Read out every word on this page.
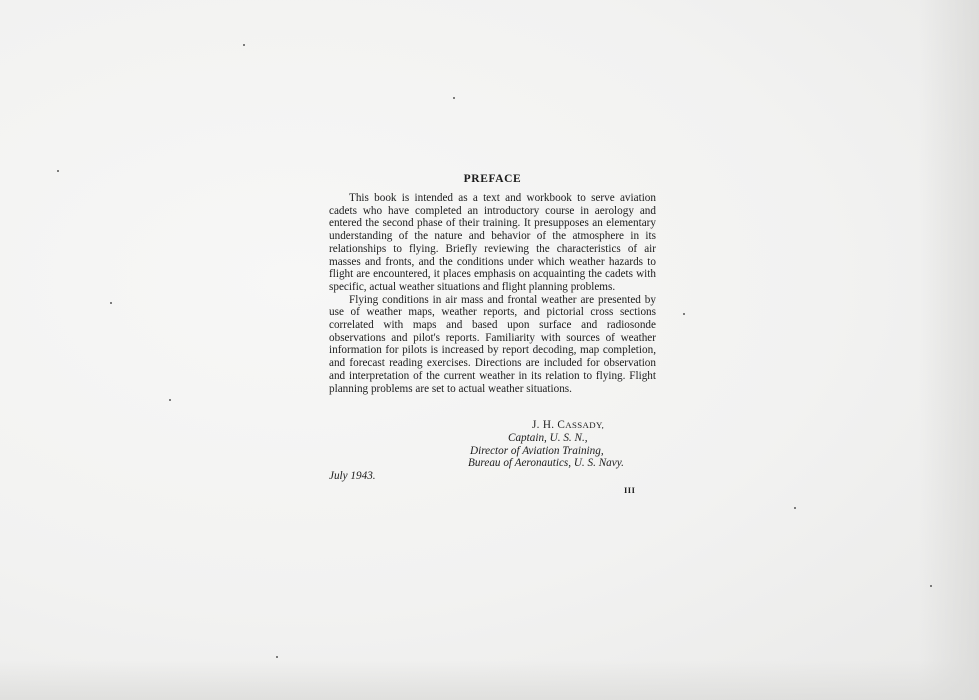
PREFACE

This book is intended as a text and workbook to serve aviation cadets who have completed an introductory course in aerology and entered the second phase of their training. It presupposes an elementary understanding of the nature and behavior of the atmosphere in its relationships to flying. Briefly reviewing the characteristics of air masses and fronts, and the conditions under which weather hazards to flight are encountered, it places emphasis on acquainting the cadets with specific, actual weather situations and flight planning problems.

Flying conditions in air mass and frontal weather are presented by use of weather maps, weather reports, and pictorial cross sections correlated with maps and based upon surface and radiosonde observations and pilot's reports. Familiarity with sources of weather information for pilots is increased by report decoding, map completion, and forecast reading exercises. Directions are included for observation and interpretation of the current weather in its relation to flying. Flight planning problems are set to actual weather situations.

J. H. CASSADY,
Captain, U. S. N.,
Director of Aviation Training,
Bureau of Aeronautics, U. S. Navy.
July 1943.
III
